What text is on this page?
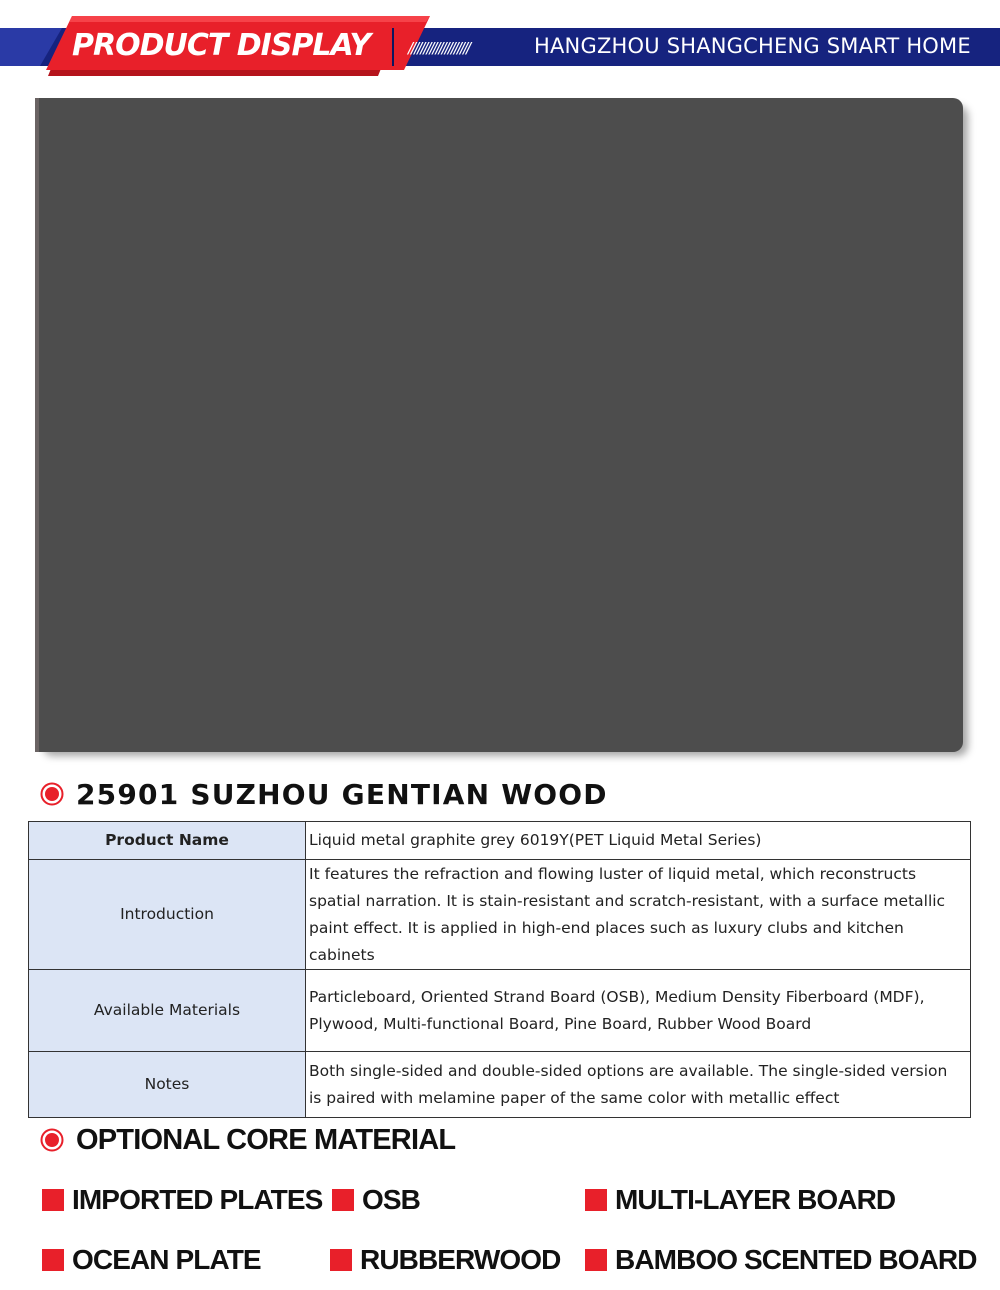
PRODUCT DISPLAY	////////////////////	HANGZHOU SHANGCHENG SMART HOME
25901 SUZHOU GENTIAN WOOD
Product Name	Liquid metal graphite grey 6019Y(PET Liquid Metal Series)
Introduction	It features the refraction and flowing luster of liquid metal, which reconstructs spatial narration. It is stain-resistant and scratch-resistant, with a surface metallic paint effect. It is applied in high-end places such as luxury clubs and kitchen cabinets
Available Materials	Particleboard, Oriented Strand Board (OSB), Medium Density Fiberboard (MDF), Plywood, Multi-functional Board, Pine Board, Rubber Wood Board
Notes	Both single-sided and double-sided options are available. The single-sided version is paired with melamine paper of the same color with metallic effect
OPTIONAL CORE MATERIAL
IMPORTED PLATES OSB	MULTI-LAYER BOARD
OCEAN PLATE	RUBBERWOOD BAMBOO SCENTED BOARD
